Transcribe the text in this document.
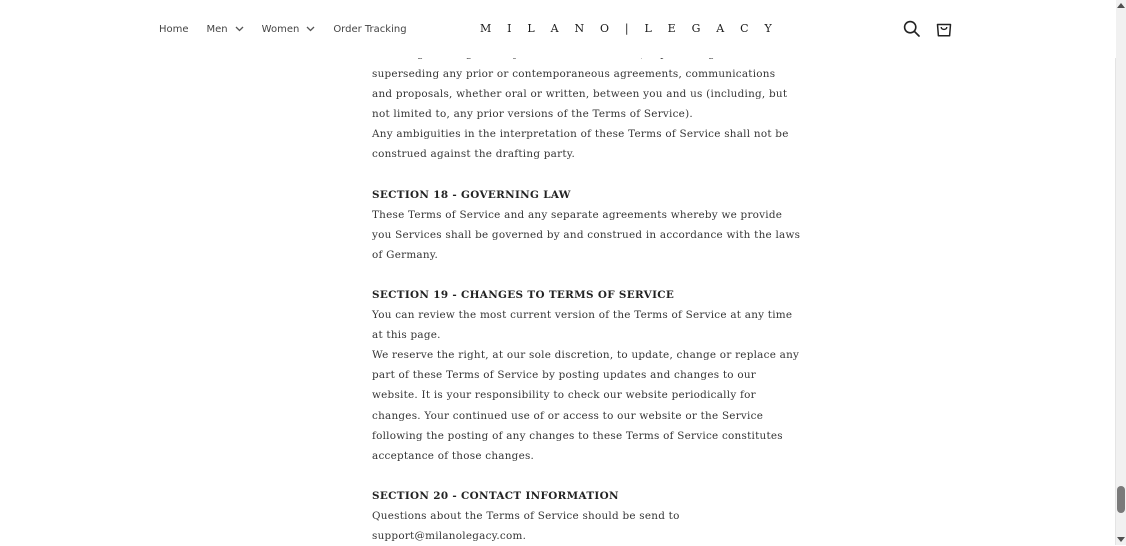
Home Men	Women	Order Tracking	M I L A N O | L E G A C Y
superseding any prior or contemporaneous agreements, communications
and proposals, whether oral or written, between you and us (including, but
not limited to, any prior versions of the Terms of Service).
Any ambiguities in the interpretation of these Terms of Service shall not be
construed against the drafting party.
SECTION 18 - GOVERNING LAW
These Terms of Service and any separate agreements whereby we provide
you Services shall be governed by and construed in accordance with the laws
of Germany.
SECTION 19 - CHANGES TO TERMS OF SERVICE
You can review the most current version of the Terms of Service at any time
at this page.
We reserve the right, at our sole discretion, to update, change or replace any
part of these Terms of Service by posting updates and changes to our
website. It is your responsibility to check our website periodically for
changes. Your continued use of or access to our website or the Service
following the posting of any changes to these Terms of Service constitutes
acceptance of those changes.
SECTION 20 - CONTACT INFORMATION
Questions about the Terms of Service should be send to
support@milanolegacy.com.
